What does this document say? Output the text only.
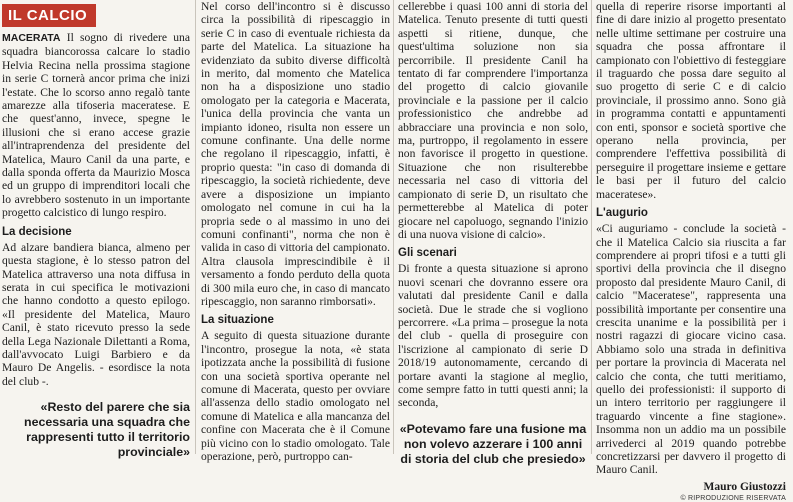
IL CALCIO

MACERATA Il sogno di rivedere una squadra biancorossa calcare lo stadio Helvia Recina nella prossima stagione in serie C tornerà ancor prima che inizi l'estate. Che lo scorso anno regalò tante amarezze alla tifoseria maceratese. E che quest'anno, invece, spegne le illusioni che si erano accese grazie all'intraprendenza del presidente del Matelica, Mauro Canil da una parte, e dalla sponda offerta da Maurizio Mosca ed un gruppo di imprenditori locali che lo avrebbero sostenuto in un importante progetto calcistico di lungo respiro.

La decisione

Ad alzare bandiera bianca, almeno per questa stagione, è lo stesso patron del Matelica attraverso una nota diffusa in serata in cui specifica le motivazioni che hanno condotto a questo epilogo. «Il presidente del Matelica, Mauro Canil, è stato ricevuto presso la sede della Lega Nazionale Dilettanti a Roma, dall'avvocato Luigi Barbiero e da Mauro De Angelis. - esordisce la nota del club -.

«Resto del parere che sia necessaria una squadra che rappresenti tutto il territorio provinciale»

Nel corso dell'incontro si è discusso circa la possibilità di ripescaggio in serie C in caso di eventuale richiesta da parte del Matelica. La situazione ha evidenziato da subito diverse difficoltà in merito, dal momento che Matelica non ha a disposizione uno stadio omologato per la categoria e Macerata, l'unica della provincia che vanta un impianto idoneo, risulta non essere un comune confinante. Una delle norme che regolano il ripescaggio, infatti, è proprio questa: "in caso di domanda di ripescaggio, la società richiedente, deve avere a disposizione un impianto omologato nel comune in cui ha la propria sede o al massimo in uno dei comuni confinanti", norma che non è valida in caso di vittoria del campionato. Altra clausola imprescindibile è il versamento a fondo perduto della quota di 300 mila euro che, in caso di mancato ripescaggio, non saranno rimborsati».

La situazione

A seguito di questa situazione durante l'incontro, prosegue la nota, «è stata ipotizzata anche la possibilità di fusione con una società sportiva operante nel comune di Macerata, questo per ovviare all'assenza dello stadio omologato nel comune di Matelica e alla mancanza del confine con Macerata che è il Comune più vicino con lo stadio omologato. Tale operazione, però, purtroppo can-

cellerebbe i quasi 100 anni di storia del Matelica. Tenuto presente di tutti questi aspetti si ritiene, dunque, che quest'ultima soluzione non sia percorribile. Il presidente Canil ha tentato di far comprendere l'importanza del progetto di calcio giovanile provinciale e la passione per il calcio professionistico che andrebbe ad abbracciare una provincia e non solo, ma, purtroppo, il regolamento in essere non favorisce il progetto in questione. Situazione che non risulterebbe necessaria nel caso di vittoria del campionato di serie D, un risultato che permetterebbe al Matelica di poter giocare nel capoluogo, segnando l'inizio di una nuova visione di calcio».

Gli scenari

Di fronte a questa situazione si aprono nuovi scenari che dovranno essere ora valutati dal presidente Canil e dalla società. Due le strade che si vogliono percorrere. «La prima – prosegue la nota del club - quella di proseguire con l'iscrizione al campionato di serie D 2018/19 autonomamente, cercando di portare avanti la stagione al meglio, come sempre fatto in tutti questi anni; la seconda,

«Potevamo fare una fusione ma non volevo azzerare i 100 anni di storia del club che presiedo»

quella di reperire risorse importanti al fine di dare inizio al progetto presentato nelle ultime settimane per costruire una squadra che possa affrontare il campionato con l'obiettivo di festeggiare il traguardo che possa dare seguito al suo progetto di serie C e di calcio provinciale, il prossimo anno. Sono già in programma contatti e appuntamenti con enti, sponsor e società sportive che operano nella provincia, per comprendere l'effettiva possibilità di perseguire il progettare insieme e gettare le basi per il futuro del calcio maceratese».

L'augurio

«Ci auguriamo - conclude la società - che il Matelica Calcio sia riuscita a far comprendere ai propri tifosi e a tutti gli sportivi della provincia che il disegno proposto dal presidente Mauro Canil, di calcio "Maceratese", rappresenta una possibilità importante per consentire una crescita unanime e la possibilità per i nostri ragazzi di giocare vicino casa. Abbiamo solo una strada in definitiva per portare la provincia di Macerata nel calcio che conta, che tutti meritiamo, quello dei professionisti: il supporto di un intero territorio per raggiungere il traguardo vincente a fine stagione». Insomma non un addio ma un possibile arrivederci al 2019 quando potrebbe concretizzarsi per davvero il progetto di Mauro Canil.

Mauro Giustozzi
© RIPRODUZIONE RISERVATA
